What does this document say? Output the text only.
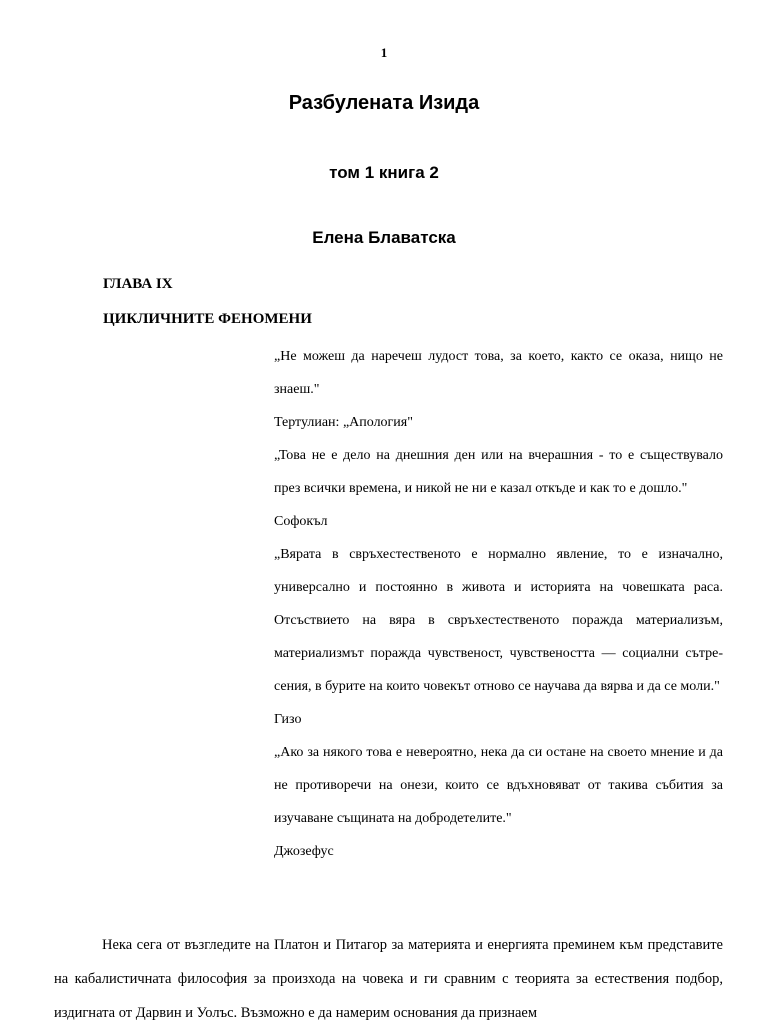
1
Разбулената Изида
том 1 книга 2
Елена Блаватска
ГЛАВА IX
ЦИКЛИЧНИТЕ ФЕНОМЕНИ

„Не можеш да наречеш лудост това, за което, както се оказа, нищо не знаеш."

Тертулиан: „Апология"

„Това не е дело на днешния ден или на вчерашния - то е съществувало през всички времена, и никой не ни е казал откъде и как то е дошло."

Софокъл

„Вярата в свръхестественото е нормално явление, то е изначално, универсално и постоянно в живота и историята на човешката раса. Отсъствието на вяра в свръхестественото поражда материализъм, материализмът поражда чувственост, чувствеността — социални сътре-сения, в бурите на които човекът отново се научава да вярва и да се моли."

Гизо

„Ако за някого това е невероятно, нека да си остане на своето мнение и да не противоречи на онези, които се вдъхновяват от такива събития за изучаване същината на добродетелите."

Джозефус

Нека сега от възгледите на Платон и Питагор за материята и енергията преминем към представите на кабалистичната философия за произхода на човека и ги сравним с теорията за естествения подбор, издигната от Дарвин и Уолъс. Възможно е да намерим основания да признаем
